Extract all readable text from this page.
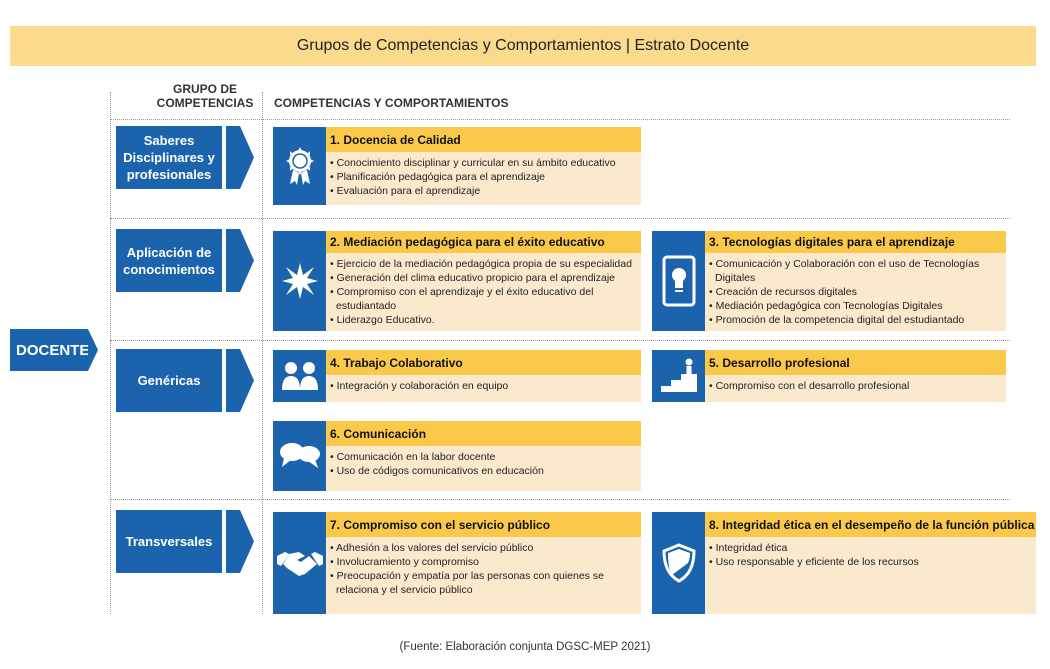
Grupos de Competencias y Comportamientos | Estrato Docente
GRUPO DE
COMPETENCIAS	COMPETENCIAS Y COMPORTAMIENTOS
DOCENTE
Saberes Disciplinares y profesionales
Aplicación de conocimientos
Genéricas
Transversales
1. Docencia de Calidad
• Conocimiento disciplinar y curricular en su ámbito educativo
• Planificación pedagógica para el aprendizaje
• Evaluación para el aprendizaje
2. Mediación pedagógica para el éxito educativo
• Ejercicio de la mediación pedagógica propia de su especialidad
• Generación del clima educativo propicio para el aprendizaje
• Compromiso con el aprendizaje y el éxito educativo del estudiantado
• Liderazgo Educativo.
3. Tecnologías digitales para el aprendizaje
• Comunicación y Colaboración con el uso de Tecnologías Digitales
• Creación de recursos digitales
• Mediación pedagógica con Tecnologías Digitales
• Promoción de la competencia digital del estudiantado
4. Trabajo Colaborativo
• Integración y colaboración en equipo
5. Desarrollo profesional
• Compromiso con el desarrollo profesional
6. Comunicación
• Comunicación en la labor docente
• Uso de códigos comunicativos en educación
7. Compromiso con el servicio público
• Adhesión a los valores del servicio público
• Involucramiento y compromiso
• Preocupación y empatía por las personas con quienes se relaciona y el servicio público
8. Integridad ética en el desempeño de la función pública
• Integridad ética
• Uso responsable y eficiente de los recursos
(Fuente: Elaboración conjunta DGSC-MEP 2021)
